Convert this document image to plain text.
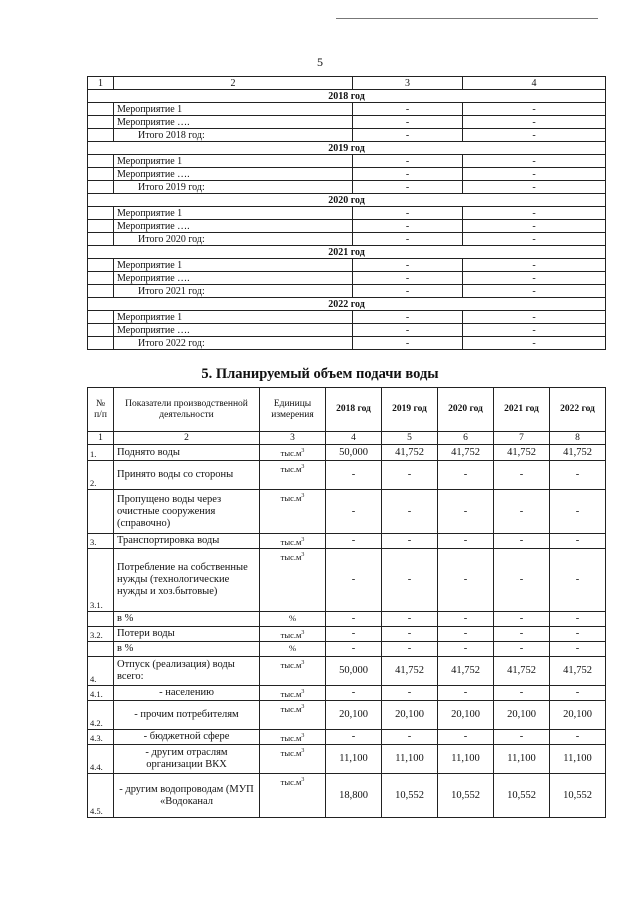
5
1	2	3	4
2018 год			
	Мероприятие 1	-	-
	Мероприятие ….	-	-
	Итого 2018 год:	-	-
2019 год			
	Мероприятие 1	-	-
	Мероприятие ….	-	-
	Итого 2019 год:	-	-
2020 год			
	Мероприятие 1	-	-
	Мероприятие ….	-	-
	Итого 2020 год:	-	-
2021 год			
	Мероприятие 1	-	-
	Мероприятие ….	-	-
	Итого 2021 год:	-	-
2022 год			
	Мероприятие 1	-	-
	Мероприятие ….	-	-
	Итого 2022 год:	-	-
5. Планируемый объем подачи воды
№ п/п	Показатели производственной деятельности	Единицы измерения	2018 год	2019 год	2020 год	2021 год	2022 год
1	2	3	4	5	6	7	8
1.	Поднято воды	$тыс.м^3$	50,000	41,752	41,752	41,752	41,752
2.	Принято воды со стороны	$тыс.м^3$	-	-	-	-	-
	Пропущено воды через очистные сооружения (справочно)	$тыс.м^3$	-	-	-	-	-
3.	Транспортировка воды	$тыс.м^3$	-	-	-	-	-
3.1.	Потребление на собственные нужды (технологические нужды и хоз.бытовые)	$тыс.м^3$	-	-	-	-	-
	в %	%	-	-	-	-	-
3.2.	Потери воды	$тыс.м^3$	-	-	-	-	-
	в %	%	-	-	-	-	-
4.	Отпуск (реализация) воды всего:	$тыс.м^3$	50,000	41,752	41,752	41,752	41,752
4.1.	- населению	$тыс.м^3$	-	-	-	-	-
4.2.	- прочим потребителям	$тыс.м^3$	20,100	20,100	20,100	20,100	20,100
4.3.	- бюджетной сфере	$тыс.м^3$	-	-	-	-	-
4.4.	- другим отраслям организации ВКХ	$тыс.м^3$	11,100	11,100	11,100	11,100	11,100
4.5.	- другим водопроводам (МУП «Водоканал	$тыс.м^3$	18,800	10,552	10,552	10,552	10,552
